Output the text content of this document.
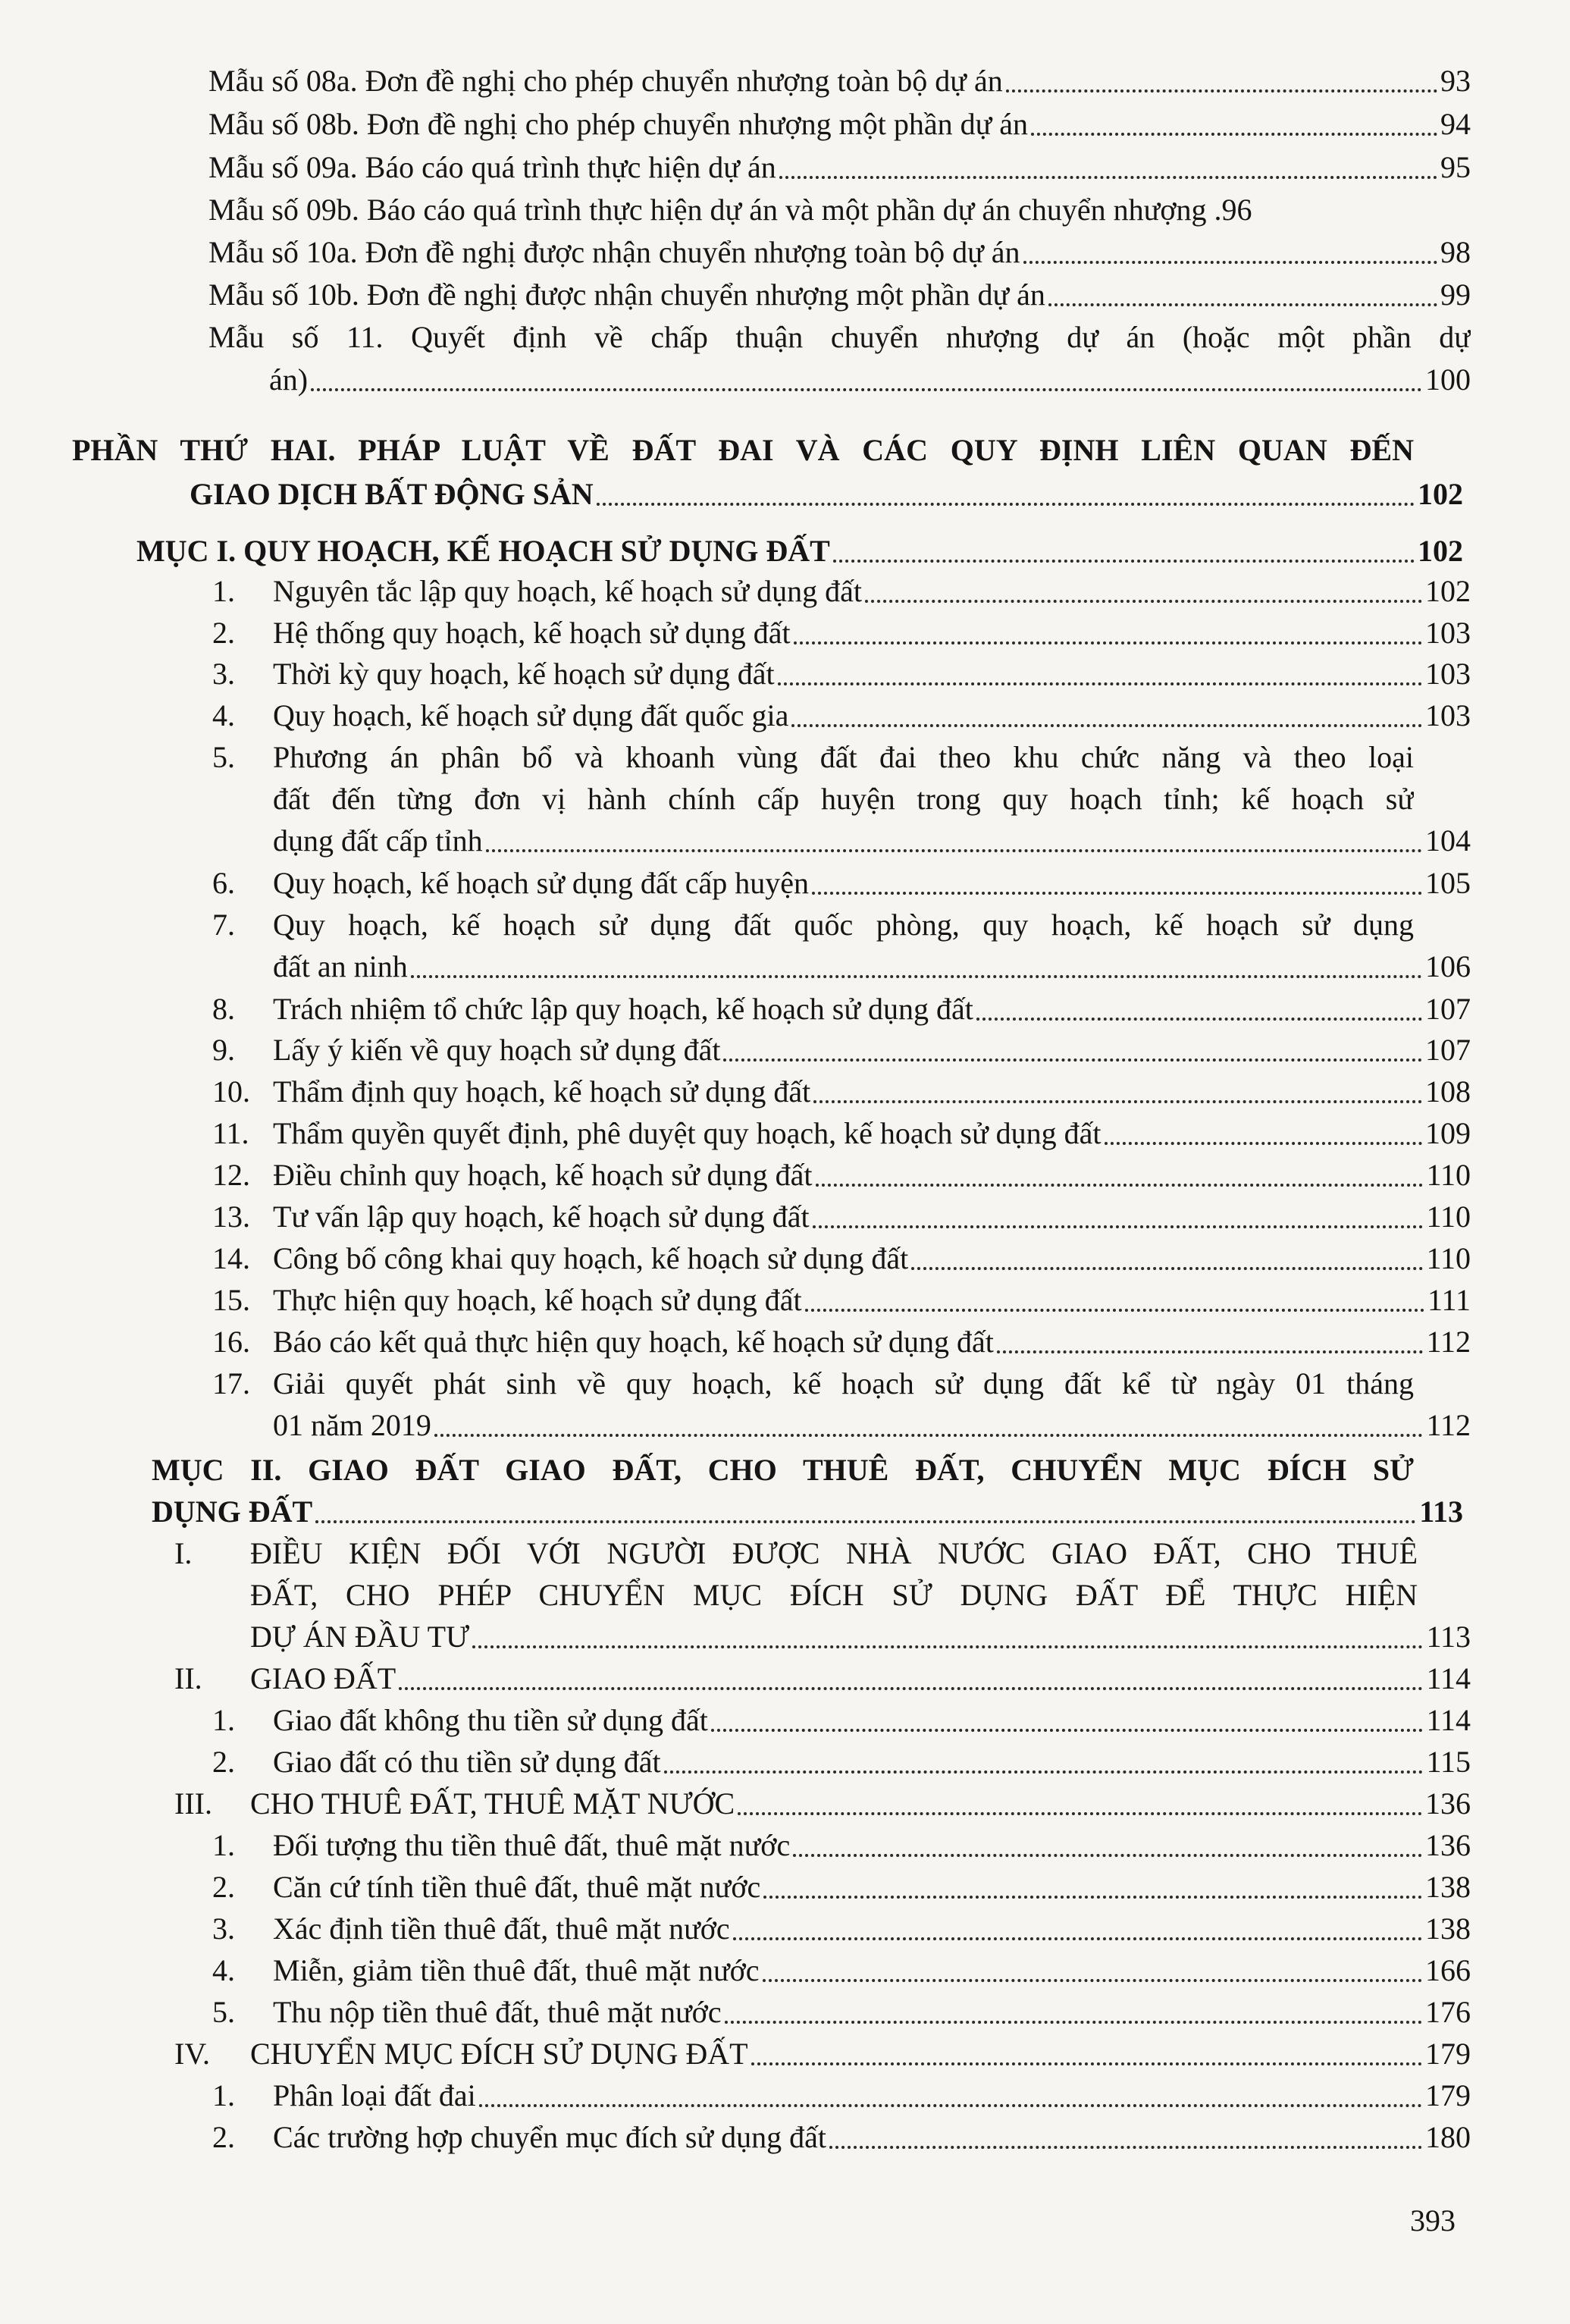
Mẫu số 08a. Đơn đề nghị cho phép chuyển nhượng toàn bộ dự án	93
Mẫu số 08b. Đơn đề nghị cho phép chuyển nhượng một phần dự án	94
Mẫu số 09a. Báo cáo quá trình thực hiện dự án	95
Mẫu số 09b. Báo cáo quá trình thực hiện dự án và một phần dự án chuyển nhượng . 96
Mẫu số 10a. Đơn đề nghị được nhận chuyển nhượng toàn bộ dự án	98
Mẫu số 10b. Đơn đề nghị được nhận chuyển nhượng một phần dự án	99
Mẫu số 11. Quyết định về chấp thuận chuyển nhượng dự án (hoặc một phần dự
án)	100
PHẦN THỨ HAI. PHÁP LUẬT VỀ ĐẤT ĐAI VÀ CÁC QUY ĐỊNH LIÊN QUAN ĐẾN
GIAO DỊCH BẤT ĐỘNG SẢN	102
MỤC I. QUY HOẠCH, KẾ HOẠCH SỬ DỤNG ĐẤT	102
1.	Nguyên tắc lập quy hoạch, kế hoạch sử dụng đất	102
2.	Hệ thống quy hoạch, kế hoạch sử dụng đất	103
3.	Thời kỳ quy hoạch, kế hoạch sử dụng đất	103
4.	Quy hoạch, kế hoạch sử dụng đất quốc gia	103
5.	Phương án phân bổ và khoanh vùng đất đai theo khu chức năng và theo loại
đất đến từng đơn vị hành chính cấp huyện trong quy hoạch tỉnh; kế hoạch sử
dụng đất cấp tỉnh	104
6.	Quy hoạch, kế hoạch sử dụng đất cấp huyện	105
7.	Quy hoạch, kế hoạch sử dụng đất quốc phòng, quy hoạch, kế hoạch sử dụng
đất an ninh	106
8.	Trách nhiệm tổ chức lập quy hoạch, kế hoạch sử dụng đất	107
9.	Lấy ý kiến về quy hoạch sử dụng đất	107
10. Thẩm định quy hoạch, kế hoạch sử dụng đất	108
11. Thẩm quyền quyết định, phê duyệt quy hoạch, kế hoạch sử dụng đất	109
12. Điều chỉnh quy hoạch, kế hoạch sử dụng đất	110
13. Tư vấn lập quy hoạch, kế hoạch sử dụng đất	110
14. Công bố công khai quy hoạch, kế hoạch sử dụng đất	110
15. Thực hiện quy hoạch, kế hoạch sử dụng đất	111
16. Báo cáo kết quả thực hiện quy hoạch, kế hoạch sử dụng đất	112
17. Giải quyết phát sinh về quy hoạch, kế hoạch sử dụng đất kể từ ngày 01 tháng
01 năm 2019	112
MỤC II. GIAO ĐẤT GIAO ĐẤT, CHO THUÊ ĐẤT, CHUYỂN MỤC ĐÍCH SỬ
DỤNG ĐẤT	113
I.	ĐIỀU KIỆN ĐỐI VỚI NGƯỜI ĐƯỢC NHÀ NƯỚC GIAO ĐẤT, CHO THUÊ
ĐẤT, CHO PHÉP CHUYỂN MỤC ĐÍCH SỬ DỤNG ĐẤT ĐỂ THỰC HIỆN
DỰ ÁN ĐẦU TƯ	113
II.	GIAO ĐẤT	114
1.	Giao đất không thu tiền sử dụng đất	114
2.	Giao đất có thu tiền sử dụng đất	115
III.	CHO THUÊ ĐẤT, THUÊ MẶT NƯỚC	136
1.	Đối tượng thu tiền thuê đất, thuê mặt nước	136
2.	Căn cứ tính tiền thuê đất, thuê mặt nước	138
3.	Xác định tiền thuê đất, thuê mặt nước	138
4.	Miễn, giảm tiền thuê đất, thuê mặt nước	166
5.	Thu nộp tiền thuê đất, thuê mặt nước	176
IV.	CHUYỂN MỤC ĐÍCH SỬ DỤNG ĐẤT	179
1.	Phân loại đất đai	179
2.	Các trường hợp chuyển mục đích sử dụng đất	180
393
